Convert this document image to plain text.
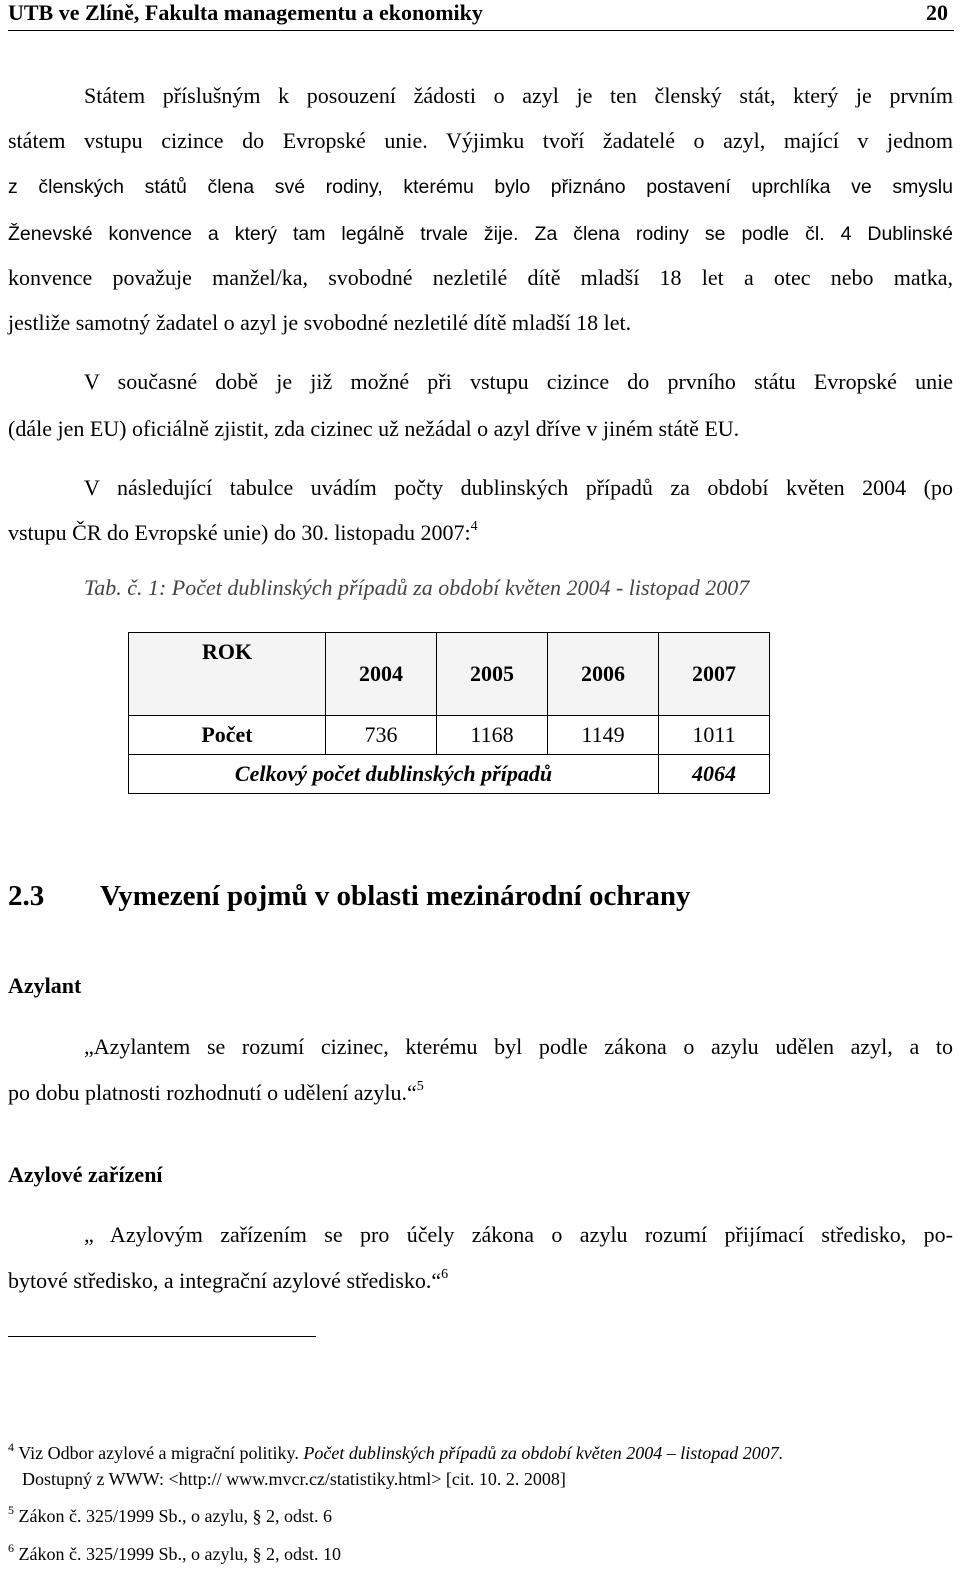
UTB ve Zlíně, Fakulta managementu a ekonomiky	20
Státem příslušným k posouzení žádosti o azyl je ten členský stát, který je prvním
státem vstupu cizince do Evropské unie. Výjimku tvoří žadatelé o azyl, mající v jednom
z členských států člena své rodiny, kterému bylo přiznáno postavení uprchlíka ve smyslu
Ženevské konvence a který tam legálně trvale žije. Za člena rodiny se podle čl. 4 Dublinské
konvence považuje manžel/ka, svobodné nezletilé dítě mladší 18 let a otec nebo matka,
jestliže samotný žadatel o azyl je svobodné nezletilé dítě mladší 18 let.
V současné době je již možné při vstupu cizince do prvního státu Evropské unie
(dále jen EU) oficiálně zjistit, zda cizinec už nežádal o azyl dříve v jiném státě EU.
V následující tabulce uvádím počty dublinských případů za období květen 2004 (po
vstupu ČR do Evropské unie) do 30. listopadu 2007:$^4$
Tab. č. 1: Počet dublinských případů za období květen 2004 - listopad 2007
ROK	2004	2005	2006	2007
Počet	736	1168	1149	1011
Celkový počet dublinských případů				4064
2.3 Vymezení pojmů v oblasti mezinárodní ochrany
Azylant
„Azylantem se rozumí cizinec, kterému byl podle zákona o azylu udělen azyl, a to
po dobu platnosti rozhodnutí o udělení azylu.“$^5$
Azylové zařízení
„ Azylovým zařízením se pro účely zákona o azylu rozumí přijímací středisko, po-
bytové středisko, a integrační azylové středisko.“$^6$
$^4$ Viz Odbor azylové a migrační politiky. Počet dublinských případů za období květen 2004 – listopad 2007.
Dostupný z WWW: <http:// www.mvcr.cz/statistiky.html> [cit. 10. 2. 2008]
$^5$ Zákon č. 325/1999 Sb., o azylu, § 2, odst. 6
$^6$ Zákon č. 325/1999 Sb., o azylu, § 2, odst. 10
